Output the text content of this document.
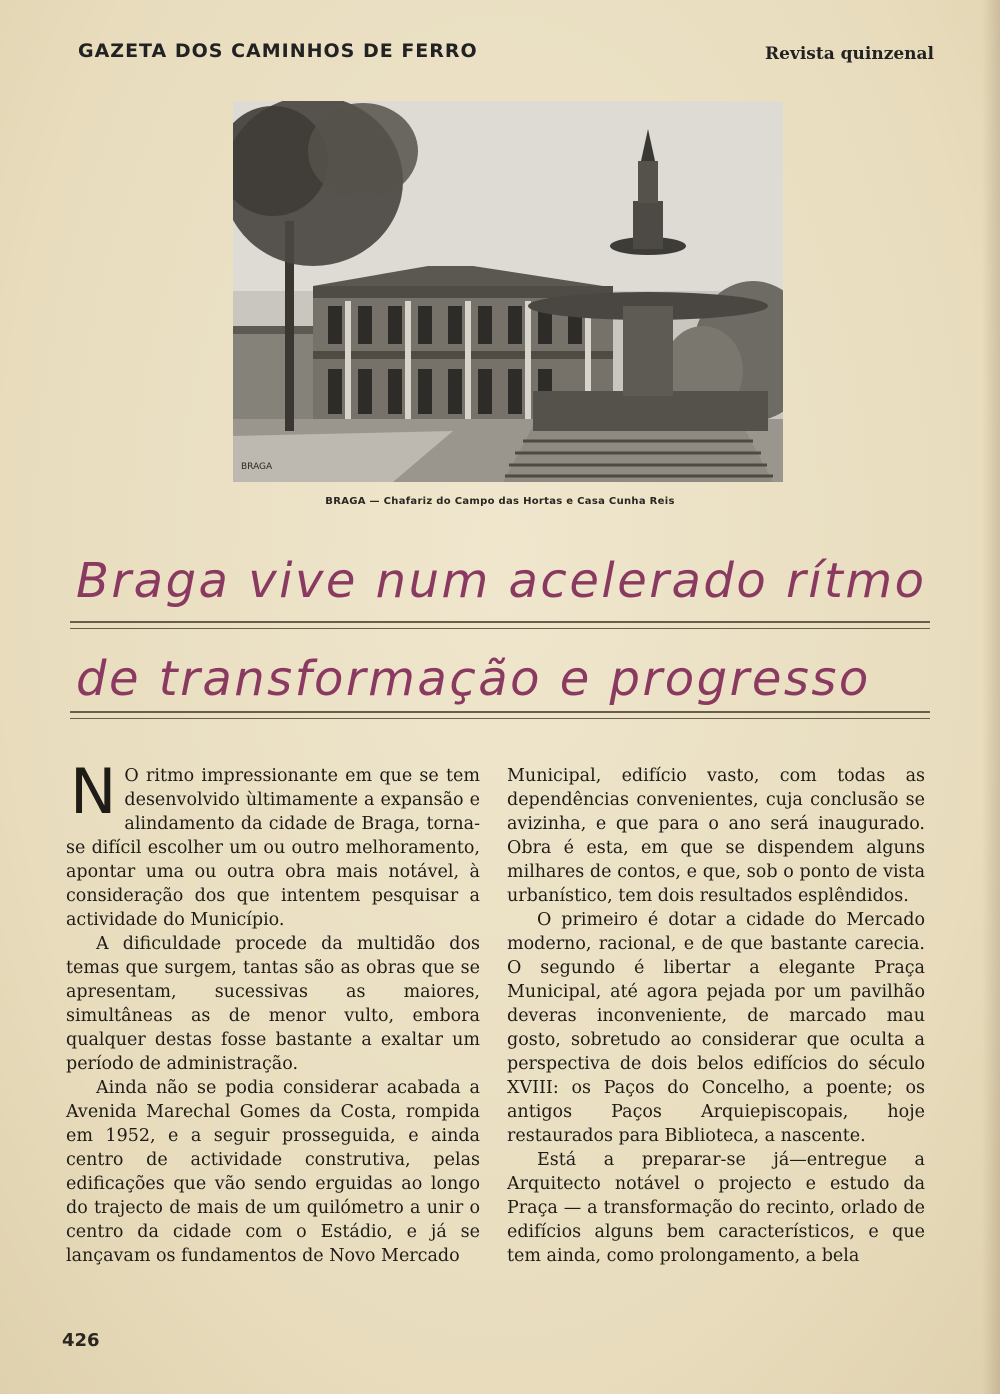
GAZETA DOS CAMINHOS DE FERRO	Revista quinzenal
BRAGA
BRAGA — Chafariz do Campo das Hortas e Casa Cunha Reis
Braga vive num acelerado rítmo
de transformação e progresso

N O ritmo impressionante em que se tem desenvolvido ùltimamente a expansão e alindamento da cidade de Braga, torna-se difícil escolher um ou outro melhoramento, apontar uma ou outra obra mais notável, à consideração dos que intentem pesquisar a actividade do Município.

A dificuldade procede da multidão dos temas que surgem, tantas são as obras que se apresentam, sucessivas as maiores, simultâneas as de menor vulto, embora qualquer destas fosse bastante a exaltar um período de administração.

Ainda não se podia considerar acabada a Avenida Marechal Gomes da Costa, rompida em 1952, e a seguir prosseguida, e ainda centro de actividade construtiva, pelas edificações que vão sendo erguidas ao longo do trajecto de mais de um quilómetro a unir o centro da cidade com o Estádio, e já se lançavam os fundamentos de Novo Mercado

Municipal, edifício vasto, com todas as dependências convenientes, cuja conclusão se avizinha, e que para o ano será inaugurado. Obra é esta, em que se dispendem alguns milhares de contos, e que, sob o ponto de vista urbanístico, tem dois resultados esplêndidos.

O primeiro é dotar a cidade do Mercado moderno, racional, e de que bastante carecia. O segundo é libertar a elegante Praça Municipal, até agora pejada por um pavilhão deveras inconveniente, de marcado mau gosto, sobretudo ao considerar que oculta a perspectiva de dois belos edifícios do século XVIII: os Paços do Concelho, a poente; os antigos Paços Arquiepiscopais, hoje restaurados para Biblioteca, a nascente.

Está a preparar-se já—entregue a Arquitecto notável o projecto e estudo da Praça — a transformação do recinto, orlado de edifícios alguns bem característicos, e que tem ainda, como prolongamento, a bela

426
